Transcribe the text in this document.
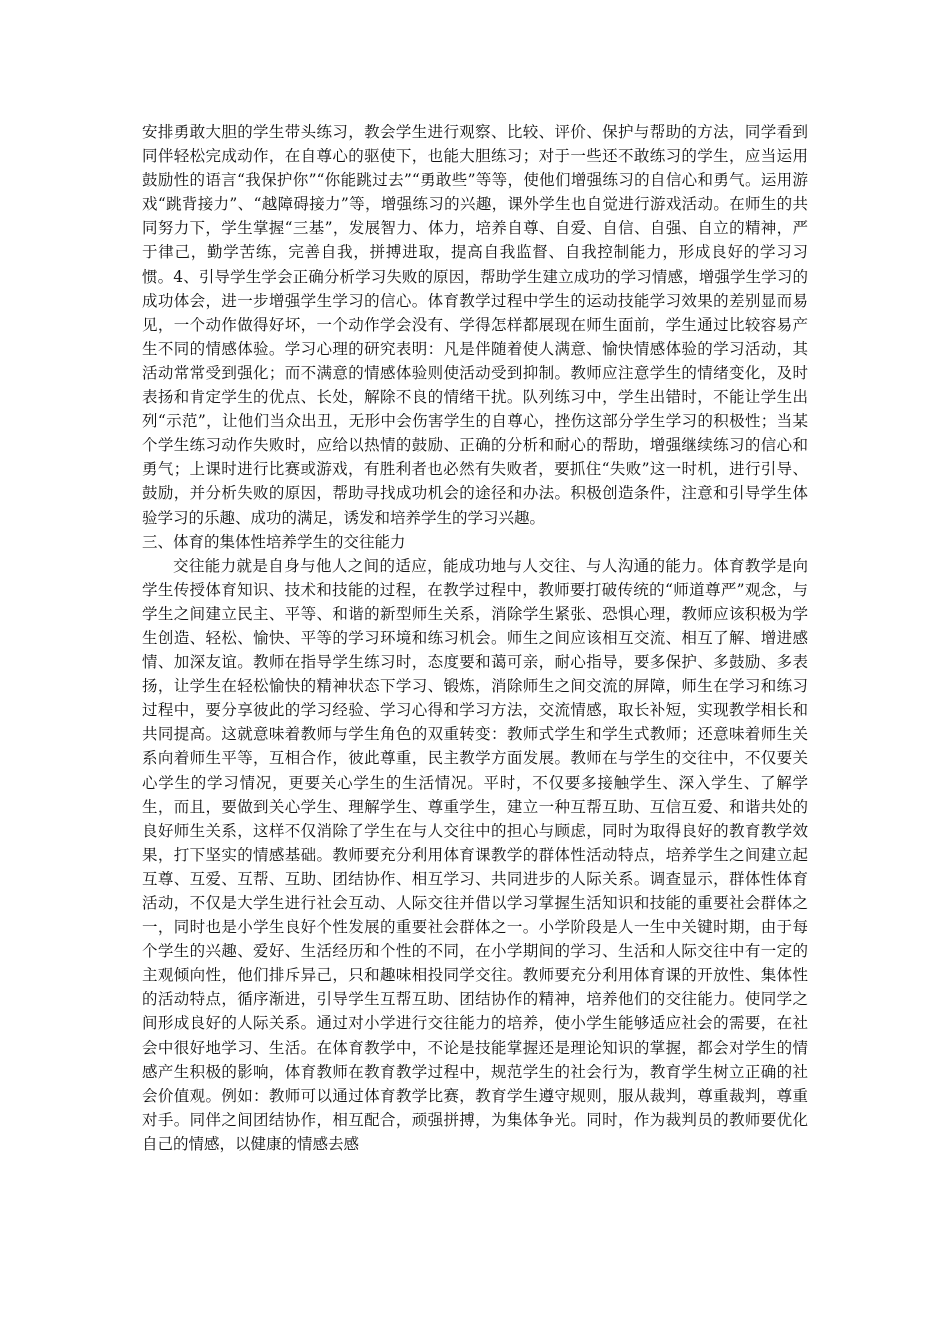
安排勇敢大胆的学生带头练习，教会学生进行观察、比较、评价、保护与帮助的方法，同学看到同伴轻松完成动作，在自尊心的驱使下，也能大胆练习；对于一些还不敢练习的学生，应当运用鼓励性的语言“我保护你”“你能跳过去”“勇敢些”等等，使他们增强练习的自信心和勇气。运用游戏“跳背接力”、“越障碍接力”等，增强练习的兴趣，课外学生也自觉进行游戏活动。在师生的共同努力下，学生掌握“三基”，发展智力、体力，培养自尊、自爱、自信、自强、自立的精神，严于律己，勤学苦练，完善自我，拼搏进取，提高自我监督、自我控制能力，形成良好的学习习惯。4、引导学生学会正确分析学习失败的原因，帮助学生建立成功的学习情感，增强学生学习的成功体会，进一步增强学生学习的信心。体育教学过程中学生的运动技能学习效果的差别显而易见，一个动作做得好坏，一个动作学会没有、学得怎样都展现在师生面前，学生通过比较容易产生不同的情感体验。学习心理的研究表明：凡是伴随着使人满意、愉快情感体验的学习活动，其活动常常受到强化；而不满意的情感体验则使活动受到抑制。教师应注意学生的情绪变化，及时表扬和肯定学生的优点、长处，解除不良的情绪干扰。队列练习中，学生出错时，不能让学生出列“示范”，让他们当众出丑，无形中会伤害学生的自尊心，挫伤这部分学生学习的积极性；当某个学生练习动作失败时，应给以热情的鼓励、正确的分析和耐心的帮助，增强继续练习的信心和勇气；上课时进行比赛或游戏，有胜利者也必然有失败者，要抓住“失败”这一时机，进行引导、鼓励，并分析失败的原因，帮助寻找成功机会的途径和办法。积极创造条件，注意和引导学生体验学习的乐趣、成功的满足，诱发和培养学生的学习兴趣。

三、体育的集体性培养学生的交往能力

交往能力就是自身与他人之间的适应，能成功地与人交往、与人沟通的能力。体育教学是向学生传授体育知识、技术和技能的过程，在教学过程中，教师要打破传统的“师道尊严”观念，与学生之间建立民主、平等、和谐的新型师生关系，消除学生紧张、恐惧心理，教师应该积极为学生创造、轻松、愉快、平等的学习环境和练习机会。师生之间应该相互交流、相互了解、增进感情、加深友谊。教师在指导学生练习时，态度要和蔼可亲，耐心指导，要多保护、多鼓励、多表扬，让学生在轻松愉快的精神状态下学习、锻炼，消除师生之间交流的屏障，师生在学习和练习过程中，要分享彼此的学习经验、学习心得和学习方法，交流情感，取长补短，实现教学相长和共同提高。这就意味着教师与学生角色的双重转变：教师式学生和学生式教师；还意味着师生关系向着师生平等，互相合作，彼此尊重，民主教学方面发展。教师在与学生的交往中，不仅要关心学生的学习情况，更要关心学生的生活情况。平时，不仅要多接触学生、深入学生、了解学生，而且，要做到关心学生、理解学生、尊重学生，建立一种互帮互助、互信互爱、和谐共处的良好师生关系，这样不仅消除了学生在与人交往中的担心与顾虑，同时为取得良好的教育教学效果，打下坚实的情感基础。教师要充分利用体育课教学的群体性活动特点，培养学生之间建立起互尊、互爱、互帮、互助、团结协作、相互学习、共同进步的人际关系。调查显示，群体性体育活动，不仅是大学生进行社会互动、人际交往并借以学习掌握生活知识和技能的重要社会群体之一，同时也是小学生良好个性发展的重要社会群体之一。小学阶段是人一生中关键时期，由于每个学生的兴趣、爱好、生活经历和个性的不同，在小学期间的学习、生活和人际交往中有一定的主观倾向性，他们排斥异己，只和趣味相投同学交往。教师要充分利用体育课的开放性、集体性的活动特点，循序渐进，引导学生互帮互助、团结协作的精神，培养他们的交往能力。使同学之间形成良好的人际关系。通过对小学进行交往能力的培养，使小学生能够适应社会的需要，在社会中很好地学习、生活。在体育教学中，不论是技能掌握还是理论知识的掌握，都会对学生的情感产生积极的影响，体育教师在教育教学过程中，规范学生的社会行为，教育学生树立正确的社会价值观。例如：教师可以通过体育教学比赛，教育学生遵守规则，服从裁判，尊重裁判，尊重对手。同伴之间团结协作，相互配合，顽强拼搏，为集体争光。同时，作为裁判员的教师要优化自己的情感，以健康的情感去感
